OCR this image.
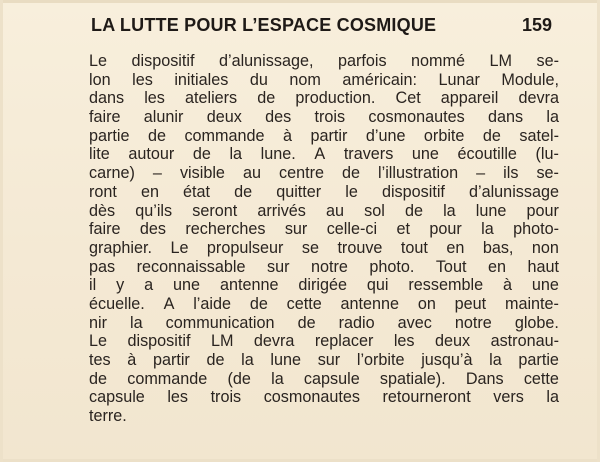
LA LUTTE POUR L’ESPACE COSMIQUE	159
Le dispositif d’alunissage, parfois nommé LM se-
lon les initiales du nom américain: Lunar Module,
dans les ateliers de production. Cet appareil devra
faire alunir deux des trois cosmonautes dans la
partie de commande à partir d’une orbite de satel-
lite autour de la lune. A travers une écoutille (lu-
carne) – visible au centre de l’illustration – ils se-
ront en état de quitter le dispositif d’alunissage
dès qu’ils seront arrivés au sol de la lune pour
faire des recherches sur celle-ci et pour la photo-
graphier. Le propulseur se trouve tout en bas, non
pas reconnaissable sur notre photo. Tout en haut
il y a une antenne dirigée qui ressemble à une
écuelle. A l’aide de cette antenne on peut mainte-
nir la communication de radio avec notre globe.
Le dispositif LM devra replacer les deux astronau-
tes à partir de la lune sur l’orbite jusqu’à la partie
de commande (de la capsule spatiale). Dans cette
capsule les trois cosmonautes retourneront vers la
terre.
